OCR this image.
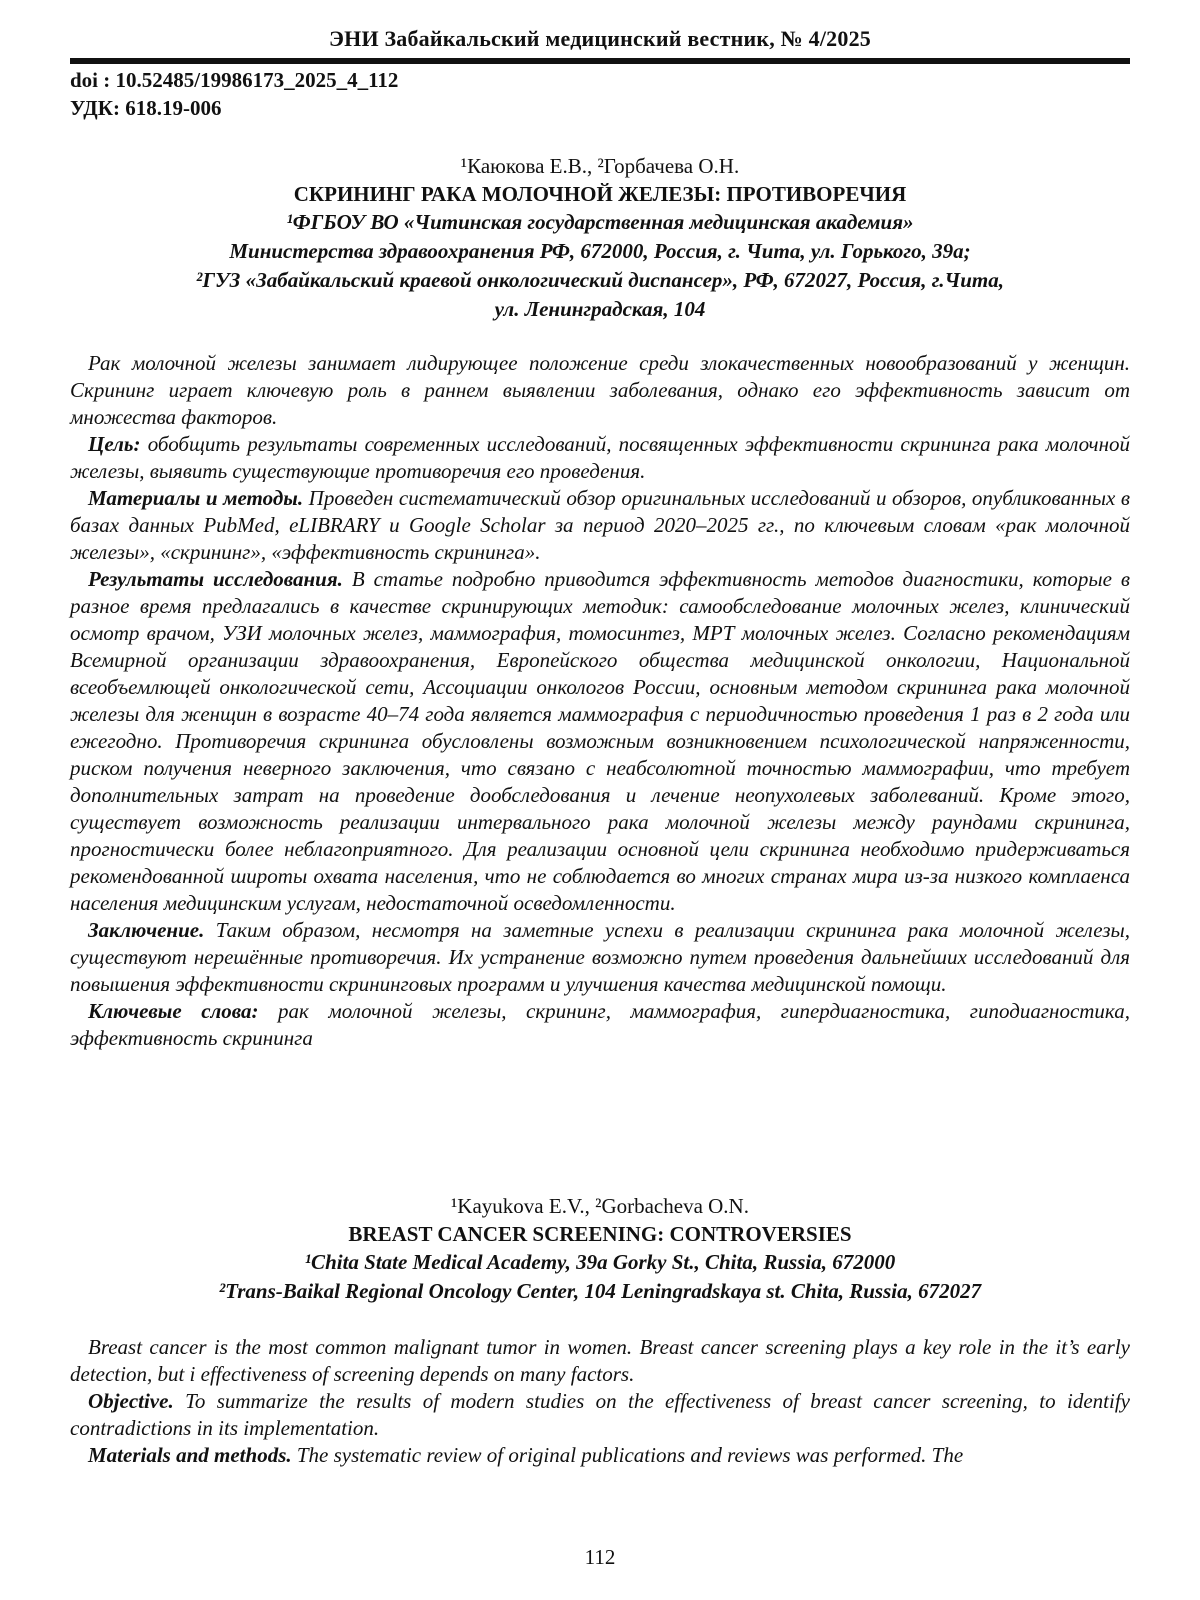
ЭНИ Забайкальский медицинский вестник, № 4/2025
doi : 10.52485/19986173_2025_4_112
УДК: 618.19-006
¹Каюкова Е.В., ²Горбачева О.Н.
СКРИНИНГ РАКА МОЛОЧНОЙ ЖЕЛЕЗЫ: ПРОТИВОРЕЧИЯ
¹ФГБОУ ВО «Читинская государственная медицинская академия»
Министерства здравоохранения РФ, 672000, Россия, г. Чита, ул. Горького, 39а;
²ГУЗ «Забайкальский краевой онкологический диспансер», РФ, 672027, Россия, г.Чита,
ул. Ленинградская, 104

Рак молочной железы занимает лидирующее положение среди злокачественных новообразований у женщин. Скрининг играет ключевую роль в раннем выявлении заболевания, однако его эффективность зависит от множества факторов.

Цель: обобщить результаты современных исследований, посвященных эффективности скрининга рака молочной железы, выявить существующие противоречия его проведения.

Материалы и методы. Проведен систематический обзор оригинальных исследований и обзоров, опубликованных в базах данных PubMed, eLIBRARY и Google Scholar за период 2020–2025 гг., по ключевым словам «рак молочной железы», «скрининг», «эффективность скрининга».

Результаты исследования. В статье подробно приводится эффективность методов диагностики, которые в разное время предлагались в качестве скринирующих методик: самообследование молочных желез, клинический осмотр врачом, УЗИ молочных желез, маммография, томосинтез, МРТ молочных желез. Согласно рекомендациям Всемирной организации здравоохранения, Европейского общества медицинской онкологии, Национальной всеобъемлющей онкологической сети, Ассоциации онкологов России, основным методом скрининга рака молочной железы для женщин в возрасте 40–74 года является маммография с периодичностью проведения 1 раз в 2 года или ежегодно. Противоречия скрининга обусловлены возможным возникновением психологической напряженности, риском получения неверного заключения, что связано с неабсолютной точностью маммографии, что требует дополнительных затрат на проведение дообследования и лечение неопухолевых заболеваний. Кроме этого, существует возможность реализации интервального рака молочной железы между раундами скрининга, прогностически более неблагоприятного. Для реализации основной цели скрининга необходимо придерживаться рекомендованной широты охвата населения, что не соблюдается во многих странах мира из-за низкого комплаенса населения медицинским услугам, недостаточной осведомленности.

Заключение. Таким образом, несмотря на заметные успехи в реализации скрининга рака молочной железы, существуют нерешённые противоречия. Их устранение возможно путем проведения дальнейших исследований для повышения эффективности скрининговых программ и улучшения качества медицинской помощи.

Ключевые слова: рак молочной железы, скрининг, маммография, гипердиагностика, гиподиагностика, эффективность скрининга

¹Kayukova E.V., ²Gorbacheva O.N.
BREAST CANCER SCREENING: CONTROVERSIES
¹Chita State Medical Academy, 39a Gorky St., Chita, Russia, 672000
²Trans-Baikal Regional Oncology Center, 104 Leningradskaya st. Chita, Russia, 672027

Breast cancer is the most common malignant tumor in women. Breast cancer screening plays a key role in the it’s early detection, but i effectiveness of screening depends on many factors.

Objective. To summarize the results of modern studies on the effectiveness of breast cancer screening, to identify contradictions in its implementation.

Materials and methods. The systematic review of original publications and reviews was performed. The

112
